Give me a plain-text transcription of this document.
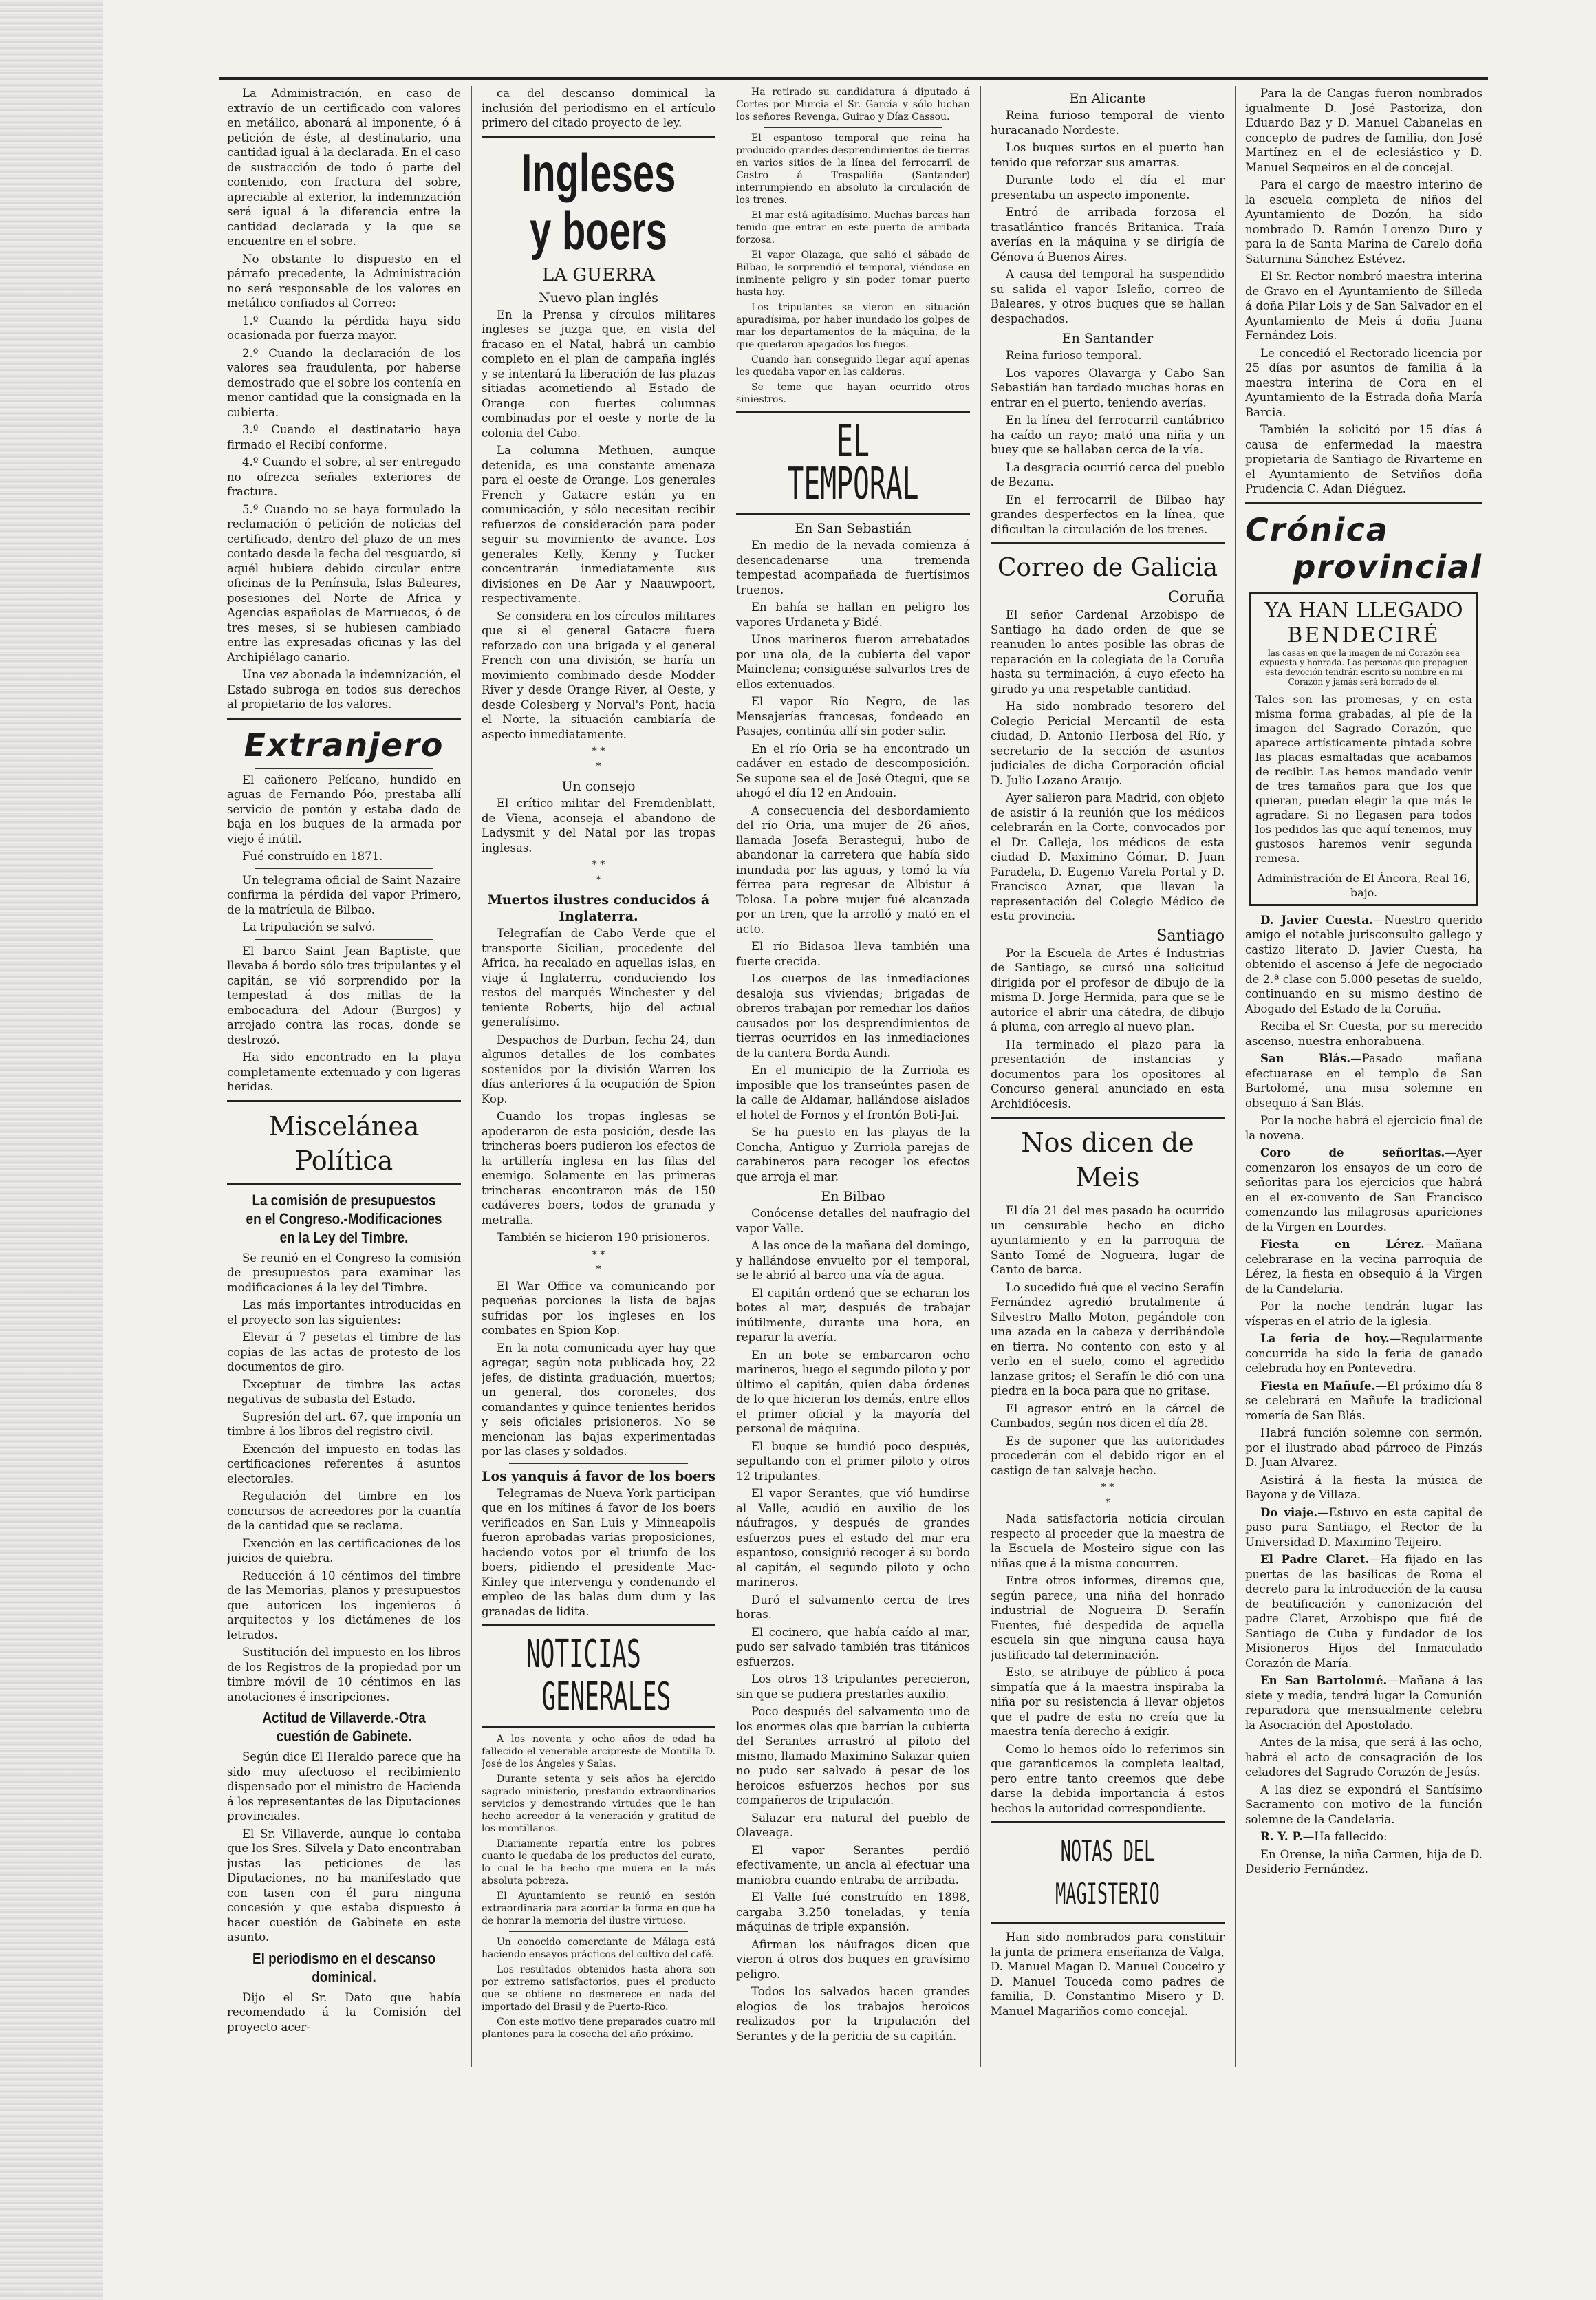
La Administración, en caso de extravío de un certificado con valores en metálico, abonará al imponente, ó á petición de éste, al destinatario, una cantidad igual á la declarada. En el caso de sustracción de todo ó parte del contenido, con fractura del sobre, apreciable al exterior, la indemnización será igual á la diferencia entre la cantidad declarada y la que se encuentre en el sobre.

No obstante lo dispuesto en el párrafo precedente, la Administración no será responsable de los valores en metálico confiados al Correo:

1.º Cuando la pérdida haya sido ocasionada por fuerza mayor.

2.º Cuando la declaración de los valores sea fraudulenta, por haberse demostrado que el sobre los contenía en menor cantidad que la consignada en la cubierta.

3.º Cuando el destinatario haya firmado el Recibí conforme.

4.º Cuando el sobre, al ser entregado no ofrezca señales exteriores de fractura.

5.º Cuando no se haya formulado la reclamación ó petición de noticias del certificado, dentro del plazo de un mes contado desde la fecha del resguardo, si aquél hubiera debido circular entre oficinas de la Península, Islas Baleares, posesiones del Norte de Africa y Agencias españolas de Marruecos, ó de tres meses, si se hubiesen cambiado entre las expresadas oficinas y las del Archipiélago canario.

Una vez abonada la indemnización, el Estado subroga en todos sus derechos al propietario de los valores.

Extranjero

El cañonero Pelícano, hundido en aguas de Fernando Póo, prestaba allí servicio de pontón y estaba dado de baja en los buques de la armada por viejo é inútil.

Fué construído en 1871.

Un telegrama oficial de Saint Nazaire confirma la pérdida del vapor Primero, de la matrícula de Bilbao.

La tripulación se salvó.

El barco Saint Jean Baptiste, que llevaba á bordo sólo tres tripulantes y el capitán, se vió sorprendido por la tempestad á dos millas de la embocadura del Adour (Burgos) y arrojado contra las rocas, donde se destrozó.

Ha sido encontrado en la playa completamente extenuado y con ligeras heridas.

Miscelánea Política
La comisión de presupuestos en el Congreso.-Modificaciones en la Ley del Timbre.

Se reunió en el Congreso la comisión de presupuestos para examinar las modificaciones á la ley del Timbre.

Las más importantes introducidas en el proyecto son las siguientes:

Elevar á 7 pesetas el timbre de las copias de las actas de protesto de los documentos de giro.

Exceptuar de timbre las actas negativas de subasta del Estado.

Supresión del art. 67, que imponía un timbre á los libros del registro civil.

Exención del impuesto en todas las certificaciones referentes á asuntos electorales.

Regulación del timbre en los concursos de acreedores por la cuantía de la cantidad que se reclama.

Exención en las certificaciones de los juicios de quiebra.

Reducción á 10 céntimos del timbre de las Memorias, planos y presupuestos que autoricen los ingenieros ó arquitectos y los dictámenes de los letrados.

Sustitución del impuesto en los libros de los Registros de la propiedad por un timbre móvil de 10 céntimos en las anotaciones é inscripciones.

Actitud de Villaverde.-Otra cuestión de Gabinete.

Según dice El Heraldo parece que ha sido muy afectuoso el recibimiento dispensado por el ministro de Hacienda á los representantes de las Diputaciones provinciales.

El Sr. Villaverde, aunque lo contaba que los Sres. Silvela y Dato encontraban justas las peticiones de las Diputaciones, no ha manifestado que con tasen con él para ninguna concesión y que estaba dispuesto á hacer cuestión de Gabinete en este asunto.

El periodismo en el descanso dominical.

Dijo el Sr. Dato que había recomendado á la Comisión del proyecto acer-

ca del descanso dominical la inclusión del periodismo en el artículo primero del citado proyecto de ley.

Ingleses y boers
LA GUERRA
Nuevo plan inglés

En la Prensa y círculos militares ingleses se juzga que, en vista del fracaso en el Natal, habrá un cambio completo en el plan de campaña inglés y se intentará la liberación de las plazas sitiadas acometiendo al Estado de Orange con fuertes columnas combinadas por el oeste y norte de la colonia del Cabo.

La columna Methuen, aunque detenida, es una constante amenaza para el oeste de Orange. Los generales French y Gatacre están ya en comunicación, y sólo necesitan recibir refuerzos de consideración para poder seguir su movimiento de avance. Los generales Kelly, Kenny y Tucker concentrarán inmediatamente sus divisiones en De Aar y Naauwpoort, respectivamente.

Se considera en los círculos militares que si el general Gatacre fuera reforzado con una brigada y el general French con una división, se haría un movimiento combinado desde Modder River y desde Orange River, al Oeste, y desde Colesberg y Norval's Pont, hacia el Norte, la situación cambiaría de aspecto inmediatamente.

* *
*
Un consejo

El crítico militar del Fremdenblatt, de Viena, aconseja el abandono de Ladysmit y del Natal por las tropas inglesas.

* *
*
Muertos ilustres conducidos á Inglaterra.

Telegrafían de Cabo Verde que el transporte Sicilian, procedente del Africa, ha recalado en aquellas islas, en viaje á Inglaterra, conduciendo los restos del marqués Winchester y del teniente Roberts, hijo del actual generalísimo.

Despachos de Durban, fecha 24, dan algunos detalles de los combates sostenidos por la división Warren los días anteriores á la ocupación de Spion Kop.

Cuando los tropas inglesas se apoderaron de esta posición, desde las trincheras boers pudieron los efectos de la artillería inglesa en las filas del enemigo. Solamente en las primeras trincheras encontraron más de 150 cadáveres boers, todos de granada y metralla.

También se hicieron 190 prisioneros.

* *
*

El War Office va comunicando por pequeñas porciones la lista de bajas sufridas por los ingleses en los combates en Spion Kop.

En la nota comunicada ayer hay que agregar, según nota publicada hoy, 22 jefes, de distinta graduación, muertos; un general, dos coroneles, dos comandantes y quince tenientes heridos y seis oficiales prisioneros. No se mencionan las bajas experimentadas por las clases y soldados.

Los yanquis á favor de los boers

Telegramas de Nueva York participan que en los mítines á favor de los boers verificados en San Luis y Minneapolis fueron aprobadas varias proposiciones, haciendo votos por el triunfo de los boers, pidiendo el presidente Mac-Kinley que intervenga y condenando el empleo de las balas dum dum y las granadas de lidita.

NOTICIAS
GENERALES

A los noventa y ocho años de edad ha fallecido el venerable arcipreste de Montilla D. José de los Ángeles y Salas.

Durante setenta y seis años ha ejercido sagrado ministerio, prestando extraordinarios servicios y demostrando virtudes que le han hecho acreedor á la veneración y gratitud de los montillanos.

Diariamente repartía entre los pobres cuanto le quedaba de los productos del curato, lo cual le ha hecho que muera en la más absoluta pobreza.

El Ayuntamiento se reunió en sesión extraordinaria para acordar la forma en que ha de honrar la memoria del ilustre virtuoso.

Un conocido comerciante de Málaga está haciendo ensayos prácticos del cultivo del café.

Los resultados obtenidos hasta ahora son por extremo satisfactorios, pues el producto que se obtiene no desmerece en nada del importado del Brasil y de Puerto-Rico.

Con este motivo tiene preparados cuatro mil plantones para la cosecha del año próximo.

Ha retirado su candidatura á diputado á Cortes por Murcia el Sr. García y sólo luchan los señores Revenga, Guirao y Díaz Cassou.

El espantoso temporal que reina ha producido grandes desprendimientos de tierras en varios sitios de la línea del ferrocarril de Castro á Traspaliña (Santander) interrumpiendo en absoluto la circulación de los trenes.

El mar está agitadísimo. Muchas barcas han tenido que entrar en este puerto de arribada forzosa.

El vapor Olazaga, que salió el sábado de Bilbao, le sorprendió el temporal, viéndose en inminente peligro y sin poder tomar puerto hasta hoy.

Los tripulantes se vieron en situación apuradísima, por haber inundado los golpes de mar los departamentos de la máquina, de la que quedaron apagados los fuegos.

Cuando han conseguido llegar aquí apenas les quedaba vapor en las calderas.

Se teme que hayan ocurrido otros siniestros.

EL TEMPORAL
En San Sebastián

En medio de la nevada comienza á desencadenarse una tremenda tempestad acompañada de fuertísimos truenos.

En bahía se hallan en peligro los vapores Urdaneta y Bidé.

Unos marineros fueron arrebatados por una ola, de la cubierta del vapor Mainclena; consiguiése salvarlos tres de ellos extenuados.

El vapor Río Negro, de las Mensajerías francesas, fondeado en Pasajes, continúa allí sin poder salir.

En el río Oria se ha encontrado un cadáver en estado de descomposición. Se supone sea el de José Otegui, que se ahogó el día 12 en Andoain.

A consecuencia del desbordamiento del río Oria, una mujer de 26 años, llamada Josefa Berastegui, hubo de abandonar la carretera que había sido inundada por las aguas, y tomó la vía férrea para regresar de Albistur á Tolosa. La pobre mujer fué alcanzada por un tren, que la arrolló y mató en el acto.

El río Bidasoa lleva también una fuerte crecida.

Los cuerpos de las inmediaciones desaloja sus viviendas; brigadas de obreros trabajan por remediar los daños causados por los desprendimientos de tierras ocurridos en las inmediaciones de la cantera Borda Aundi.

En el municipio de la Zurriola es imposible que los transeúntes pasen de la calle de Aldamar, hallándose aislados el hotel de Fornos y el frontón Boti-Jai.

Se ha puesto en las playas de la Concha, Antiguo y Zurriola parejas de carabineros para recoger los efectos que arroja el mar.

En Bilbao

Conócense detalles del naufragio del vapor Valle.

A las once de la mañana del domingo, y hallándose envuelto por el temporal, se le abrió al barco una vía de agua.

El capitán ordenó que se echaran los botes al mar, después de trabajar inútilmente, durante una hora, en reparar la avería.

En un bote se embarcaron ocho marineros, luego el segundo piloto y por último el capitán, quien daba órdenes de lo que hicieran los demás, entre ellos el primer oficial y la mayoría del personal de máquina.

El buque se hundió poco después, sepultando con el primer piloto y otros 12 tripulantes.

El vapor Serantes, que vió hundirse al Valle, acudió en auxilio de los náufragos, y después de grandes esfuerzos pues el estado del mar era espantoso, consiguió recoger á su bordo al capitán, el segundo piloto y ocho marineros.

Duró el salvamento cerca de tres horas.

El cocinero, que había caído al mar, pudo ser salvado también tras titánicos esfuerzos.

Los otros 13 tripulantes perecieron, sin que se pudiera prestarles auxilio.

Poco después del salvamento uno de los enormes olas que barrían la cubierta del Serantes arrastró al piloto del mismo, llamado Maximino Salazar quien no pudo ser salvado á pesar de los heroicos esfuerzos hechos por sus compañeros de tripulación.

Salazar era natural del pueblo de Olaveaga.

El vapor Serantes perdió efectivamente, un ancla al efectuar una maniobra cuando entraba de arribada.

El Valle fué construído en 1898, cargaba 3.250 toneladas, y tenía máquinas de triple expansión.

Afirman los náufragos dicen que vieron á otros dos buques en gravísimo peligro.

Todos los salvados hacen grandes elogios de los trabajos heroicos realizados por la tripulación del Serantes y de la pericia de su capitán.

En Alicante

Reina furioso temporal de viento huracanado Nordeste.

Los buques surtos en el puerto han tenido que reforzar sus amarras.

Durante todo el día el mar presentaba un aspecto imponente.

Entró de arribada forzosa el trasatlántico francés Britanica. Traía averías en la máquina y se dirigía de Génova á Buenos Aires.

A causa del temporal ha suspendido su salida el vapor Isleño, correo de Baleares, y otros buques que se hallan despachados.

En Santander

Reina furioso temporal.

Los vapores Olavarga y Cabo San Sebastián han tardado muchas horas en entrar en el puerto, teniendo averías.

En la línea del ferrocarril cantábrico ha caído un rayo; mató una niña y un buey que se hallaban cerca de la vía.

La desgracia ocurrió cerca del pueblo de Bezana.

En el ferrocarril de Bilbao hay grandes desperfectos en la línea, que dificultan la circulación de los trenes.

Correo de Galicia
Coruña

El señor Cardenal Arzobispo de Santiago ha dado orden de que se reanuden lo antes posible las obras de reparación en la colegiata de la Coruña hasta su terminación, á cuyo efecto ha girado ya una respetable cantidad.

Ha sido nombrado tesorero del Colegio Pericial Mercantil de esta ciudad, D. Antonio Herbosa del Río, y secretario de la sección de asuntos judiciales de dicha Corporación oficial D. Julio Lozano Araujo.

Ayer salieron para Madrid, con objeto de asistir á la reunión que los médicos celebrarán en la Corte, convocados por el Dr. Calleja, los médicos de esta ciudad D. Maximino Gómar, D. Juan Paradela, D. Eugenio Varela Portal y D. Francisco Aznar, que llevan la representación del Colegio Médico de esta provincia.

Santiago

Por la Escuela de Artes é Industrias de Santiago, se cursó una solicitud dirigida por el profesor de dibujo de la misma D. Jorge Hermida, para que se le autorice el abrir una cátedra, de dibujo á pluma, con arreglo al nuevo plan.

Ha terminado el plazo para la presentación de instancias y documentos para los opositores al Concurso general anunciado en esta Archidiócesis.

Nos dicen de Meis

El día 21 del mes pasado ha ocurrido un censurable hecho en dicho ayuntamiento y en la parroquia de Santo Tomé de Nogueira, lugar de Canto de barca.

Lo sucedido fué que el vecino Serafín Fernández agredió brutalmente á Silvestro Mallo Moton, pegándole con una azada en la cabeza y derribándole en tierra. No contento con esto y al verlo en el suelo, como el agredido lanzase gritos; el Serafín le dió con una piedra en la boca para que no gritase.

El agresor entró en la cárcel de Cambados, según nos dicen el día 28.

Es de suponer que las autoridades procederán con el debido rigor en el castigo de tan salvaje hecho.

* *
*

Nada satisfactoria noticia circulan respecto al proceder que la maestra de la Escuela de Mosteiro sigue con las niñas que á la misma concurren.

Entre otros informes, diremos que, según parece, una niña del honrado industrial de Nogueira D. Serafín Fuentes, fué despedida de aquella escuela sin que ninguna causa haya justificado tal determinación.

Esto, se atribuye de público á poca simpatía que á la maestra inspiraba la niña por su resistencia á llevar objetos que el padre de esta no creía que la maestra tenía derecho á exigir.

Como lo hemos oído lo referimos sin que garanticemos la completa lealtad, pero entre tanto creemos que debe darse la debida importancia á estos hechos la autoridad correspondiente.

NOTAS DEL MAGISTERIO

Han sido nombrados para constituir la junta de primera enseñanza de Valga, D. Manuel Magan D. Manuel Couceiro y D. Manuel Touceda como padres de familia, D. Constantino Misero y D. Manuel Magariños como concejal.

Para la de Cangas fueron nombrados igualmente D. José Pastoriza, don Eduardo Baz y D. Manuel Cabanelas en concepto de padres de familia, don José Martínez en el de eclesiástico y D. Manuel Sequeiros en el de concejal.

Para el cargo de maestro interino de la escuela completa de niños del Ayuntamiento de Dozón, ha sido nombrado D. Ramón Lorenzo Duro y para la de Santa Marina de Carelo doña Saturnina Sánchez Estévez.

El Sr. Rector nombró maestra interina de Gravo en el Ayuntamiento de Silleda á doña Pilar Lois y de San Salvador en el Ayuntamiento de Meis á doña Juana Fernández Lois.

Le concedió el Rectorado licencia por 25 días por asuntos de familia á la maestra interina de Cora en el Ayuntamiento de la Estrada doña María Barcia.

También la solicitó por 15 días á causa de enfermedad la maestra propietaria de Santiago de Rivarteme en el Ayuntamiento de Setviños doña Prudencia C. Adan Diéguez.

Crónica
provincial
YA HAN LLEGADO
BENDECIRÉ
las casas en que la imagen de mi Corazón sea expuesta y honrada. Las personas que propaguen esta devoción tendrán escrito su nombre en mi Corazón y jamás será borrado de él.
Tales son las promesas, y en esta misma forma grabadas, al pie de la imagen del Sagrado Corazón, que aparece artísticamente pintada sobre las placas esmaltadas que acabamos de recibir. Las hemos mandado venir de tres tamaños para que los que quieran, puedan elegir la que más le agradare. Si no llegasen para todos los pedidos las que aquí tenemos, muy gustosos haremos venir segunda remesa.
Administración de El Áncora, Real 16, bajo.

D. Javier Cuesta.—Nuestro querido amigo el notable jurisconsulto gallego y castizo literato D. Javier Cuesta, ha obtenido el ascenso á Jefe de negociado de 2.ª clase con 5.000 pesetas de sueldo, continuando en su mismo destino de Abogado del Estado de la Coruña.

Reciba el Sr. Cuesta, por su merecido ascenso, nuestra enhorabuena.

San Blás.—Pasado mañana efectuarase en el templo de San Bartolomé, una misa solemne en obsequio á San Blás.

Por la noche habrá el ejercicio final de la novena.

Coro de señoritas.—Ayer comenzaron los ensayos de un coro de señoritas para los ejercicios que habrá en el ex-convento de San Francisco comenzando las milagrosas apariciones de la Virgen en Lourdes.

Fiesta en Lérez.—Mañana celebrarase en la vecina parroquia de Lérez, la fiesta en obsequio á la Virgen de la Candelaria.

Por la noche tendrán lugar las vísperas en el atrio de la iglesia.

La feria de hoy.—Regularmente concurrida ha sido la feria de ganado celebrada hoy en Pontevedra.

Fiesta en Mañufe.—El próximo día 8 se celebrará en Mañufe la tradicional romería de San Blás.

Habrá función solemne con sermón, por el ilustrado abad párroco de Pinzás D. Juan Alvarez.

Asistirá á la fiesta la música de Bayona y de Villaza.

Do viaje.—Estuvo en esta capital de paso para Santiago, el Rector de la Universidad D. Maximino Teijeiro.

El Padre Claret.—Ha fijado en las puertas de las basílicas de Roma el decreto para la introducción de la causa de beatificación y canonización del padre Claret, Arzobispo que fué de Santiago de Cuba y fundador de los Misioneros Hijos del Inmaculado Corazón de María.

En San Bartolomé.—Mañana á las siete y media, tendrá lugar la Comunión reparadora que mensualmente celebra la Asociación del Apostolado.

Antes de la misa, que será á las ocho, habrá el acto de consagración de los celadores del Sagrado Corazón de Jesús.

A las diez se expondrá el Santísimo Sacramento con motivo de la función solemne de la Candelaria.

R. Y. P.—Ha fallecido:

En Orense, la niña Carmen, hija de D. Desiderio Fernández.
